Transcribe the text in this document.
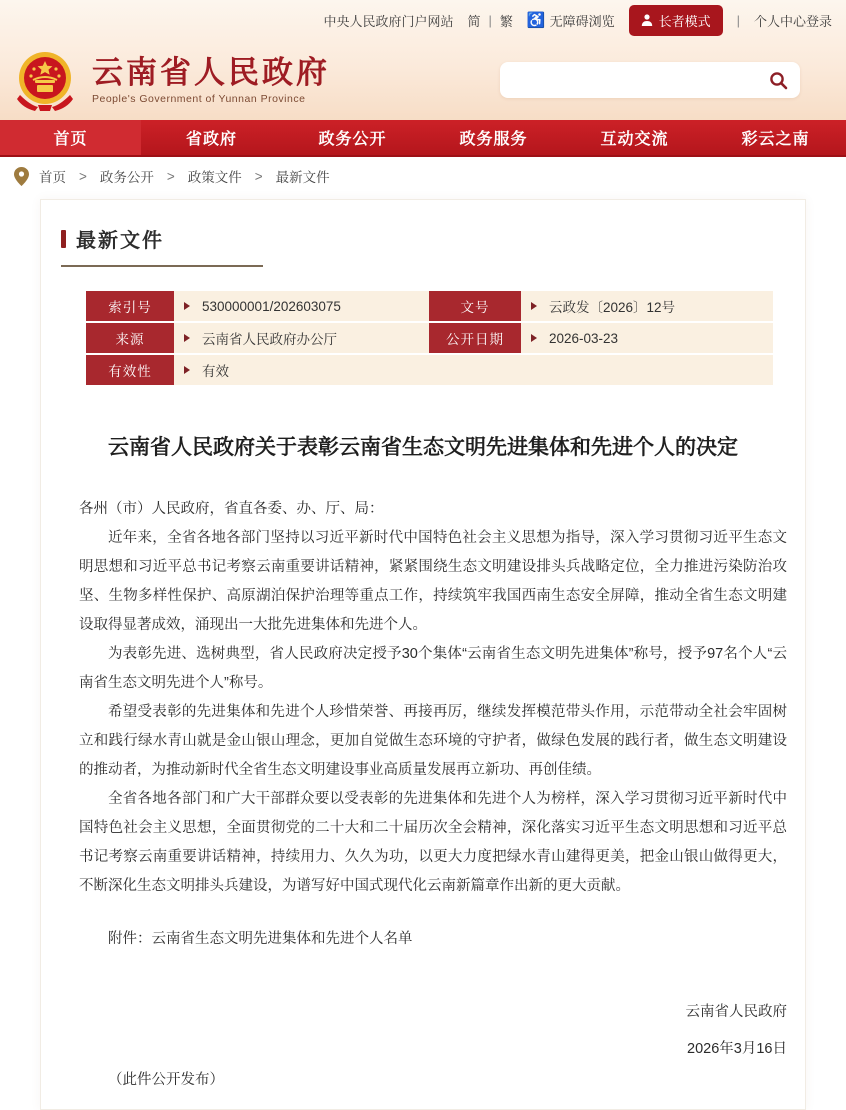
中央人民政府门户网站 简 | 繁 ♿ 无障碍浏览	长者模式 | 个人中心登录
云南省人民政府
People's Government of Yunnan Province
首页	省政府	政务公开	政务服务	互动交流	彩云之南
首页 > 政务公开 > 政策文件 > 最新文件
最新文件
索引号	530000001/202603075	文号	云政发〔2026〕12号
来源	云南省人民政府办公厅	公开日期	2026-03-23
有效性	有效
云南省人民政府关于表彰云南省生态文明先进集体和先进个人的决定

各州（市）人民政府，省直各委、办、厅、局：

近年来，全省各地各部门坚持以习近平新时代中国特色社会主义思想为指导，深入学习贯彻习近平生态文明思想和习近平总书记考察云南重要讲话精神，紧紧围绕生态文明建设排头兵战略定位，全力推进污染防治攻坚、生物多样性保护、高原湖泊保护治理等重点工作，持续筑牢我国西南生态安全屏障，推动全省生态文明建设取得显著成效，涌现出一大批先进集体和先进个人。

为表彰先进、选树典型，省人民政府决定授予30个集体“云南省生态文明先进集体”称号，授予97名个人“云南省生态文明先进个人”称号。

希望受表彰的先进集体和先进个人珍惜荣誉、再接再厉，继续发挥模范带头作用，示范带动全社会牢固树立和践行绿水青山就是金山银山理念，更加自觉做生态环境的守护者，做绿色发展的践行者，做生态文明建设的推动者，为推动新时代全省生态文明建设事业高质量发展再立新功、再创佳绩。

全省各地各部门和广大干部群众要以受表彰的先进集体和先进个人为榜样，深入学习贯彻习近平新时代中国特色社会主义思想，全面贯彻党的二十大和二十届历次全会精神，深化落实习近平生态文明思想和习近平总书记考察云南重要讲话精神，持续用力、久久为功，以更大力度把绿水青山建得更美，把金山银山做得更大，不断深化生态文明排头兵建设，为谱写好中国式现代化云南新篇章作出新的更大贡献。

附件：云南省生态文明先进集体和先进个人名单
云南省人民政府
2026年3月16日
（此件公开发布）
